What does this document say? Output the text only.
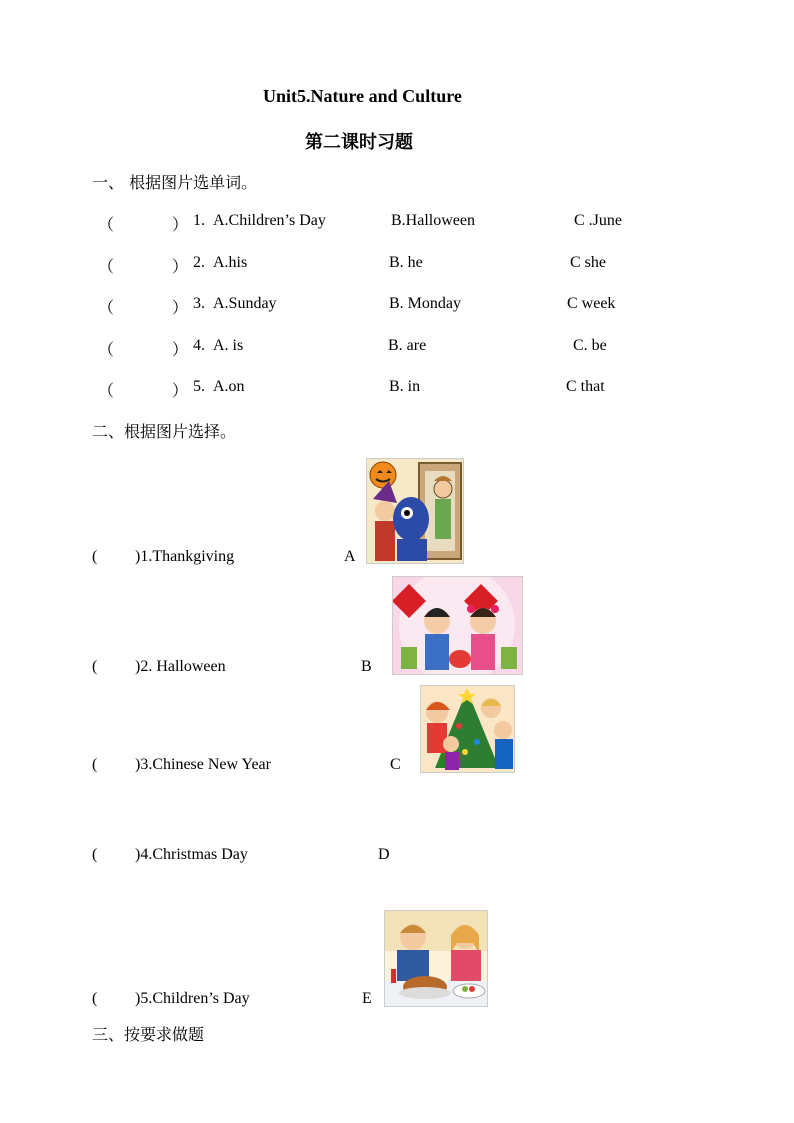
Unit5.Nature and Culture
第二课时习题
一、 根据图片选单词。
（	） 1. A.Children’s Day	B.Halloween	C .June
（	） 2. A.his	B. he	C she
（	） 3. A.Sunday	B. Monday	C week
（	） 4. A. is	B. are	C. be
（	） 5. A.on	B. in	C that
二、根据图片选择。
( )1.Thankgiving	A
( )2. Halloween	B
( )3.Chinese New Year	C
( )4.Christmas Day	D
( )5.Children’s Day	E
三、按要求做题
